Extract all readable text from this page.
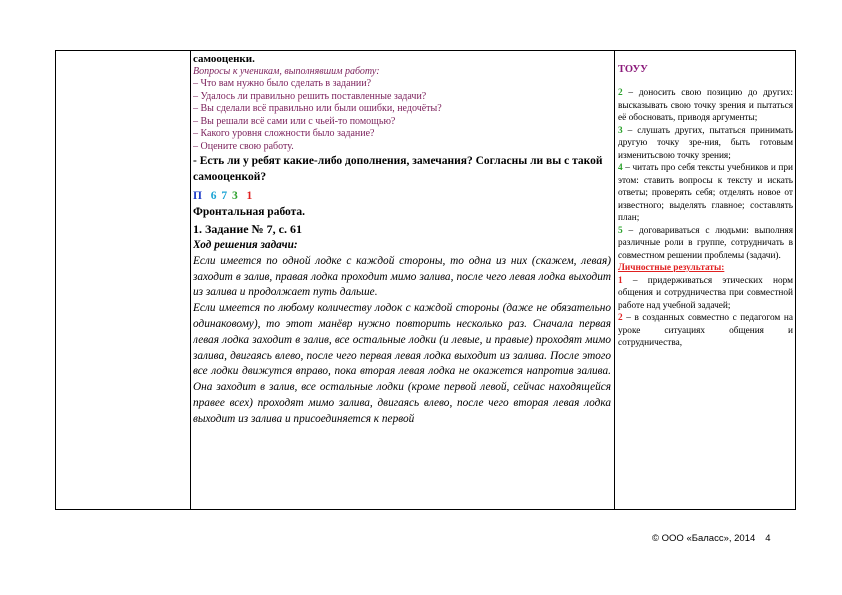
самооценки.
Вопросы к ученикам, выполнявшим работу:
– Что вам нужно было сделать в задании?
– Удалось ли правильно решить поставленные задачи?
– Вы сделали всё правильно или были ошибки, недочёты?
– Вы решали всё сами или с чьей-то помощью?
– Какого уровня сложности было задание?
– Оцените свою работу.
- Есть ли у ребят какие-либо дополнения, замечания? Согласны ли вы с такой самооценкой?
П 6 7 3 1
Фронтальная работа.
1. Задание № 7, с. 61
Ход решения задачи:
Если имеется по одной лодке с каждой стороны, то одна из них (скажем, левая) заходит в залив, правая лодка проходит мимо залива, после чего левая лодка выходит из залива и продолжает путь дальше.
Если имеется по любому количеству лодок с каждой стороны (даже не обязательно одинаковому), то этот манёвр нужно повторить несколько раз. Сначала первая левая лодка заходит в залив, все остальные лодки (и левые, и правые) проходят мимо залива, двигаясь влево, после чего первая левая лодка выходит из залива. После этого все лодки движутся вправо, пока вторая левая лодка не окажется напротив залива. Она заходит в залив, все остальные лодки (кроме первой левой, сейчас находящейся правее всех) проходят мимо залива, двигаясь влево, после чего вторая левая лодка выходит из залива и присоединяется к первой
ТОУУ
2 – доносить свою позицию до других: высказывать свою точку зрения и пытаться её обосновать, приводя аргументы;
3 – слушать других, пытаться принимать другую точку зре-ния, быть готовым изменитьсвою точку зрения;
4 – читать про себя тексты учебников и при этом: ставить вопросы к тексту и искать ответы; проверять себя; отделять новое от известного; выделять главное; составлять план;
5 – договариваться с людьми: выполняя различные роли в группе, сотрудничать в совместном решении проблемы (задачи).
Личностные результаты:
1 – придерживаться этических норм общения и сотрудничества при совместной работе над учебной задачей;
2 – в созданных совместно с педагогом на уроке ситуациях общения и сотрудничества,
© ООО «Баласс», 2014 4
